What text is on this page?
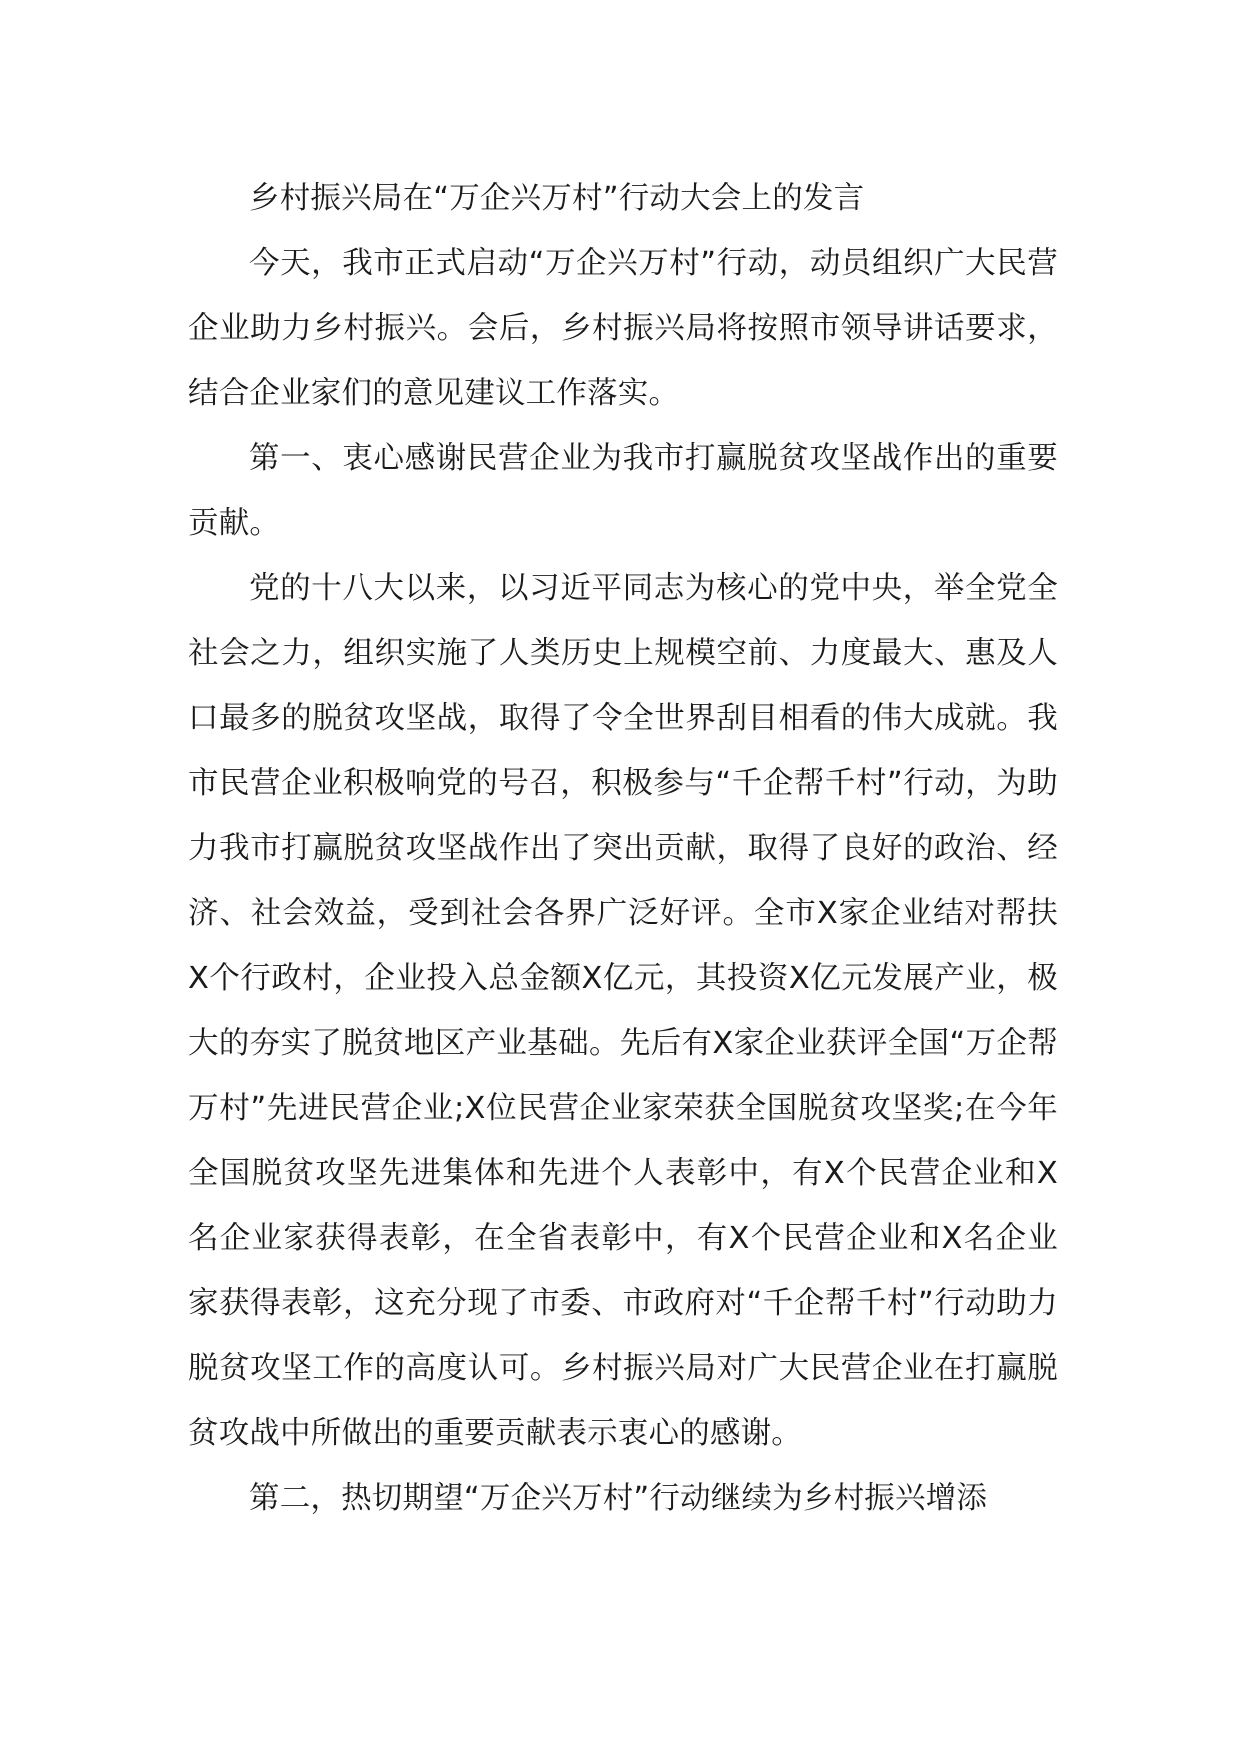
乡村振兴局在“万企兴万村”行动大会上的发言

今天，我市正式启动“万企兴万村”行动，动员组织广大民营企业助力乡村振兴。会后，乡村振兴局将按照市领导讲话要求，结合企业家们的意见建议工作落实。

第一、衷心感谢民营企业为我市打赢脱贫攻坚战作出的重要贡献。

党的十八大以来，以习近平同志为核心的党中央，举全党全社会之力，组织实施了人类历史上规模空前、力度最大、惠及人口最多的脱贫攻坚战，取得了令全世界刮目相看的伟大成就。我市民营企业积极响党的号召，积极参与“千企帮千村”行动，为助力我市打赢脱贫攻坚战作出了突出贡献，取得了良好的政治、经济、社会效益，受到社会各界广泛好评。全市X家企业结对帮扶X个行政村，企业投入总金额X亿元，其投资X亿元发展产业，极大的夯实了脱贫地区产业基础。先后有X家企业获评全国“万企帮万村”先进民营企业;X位民营企业家荣获全国脱贫攻坚奖;在今年全国脱贫攻坚先进集体和先进个人表彰中，有X个民营企业和X名企业家获得表彰，在全省表彰中，有X个民营企业和X名企业家获得表彰，这充分现了市委、市政府对“千企帮千村”行动助力脱贫攻坚工作的高度认可。乡村振兴局对广大民营企业在打赢脱贫攻战中所做出的重要贡献表示衷心的感谢。

第二，热切期望“万企兴万村”行动继续为乡村振兴增添
